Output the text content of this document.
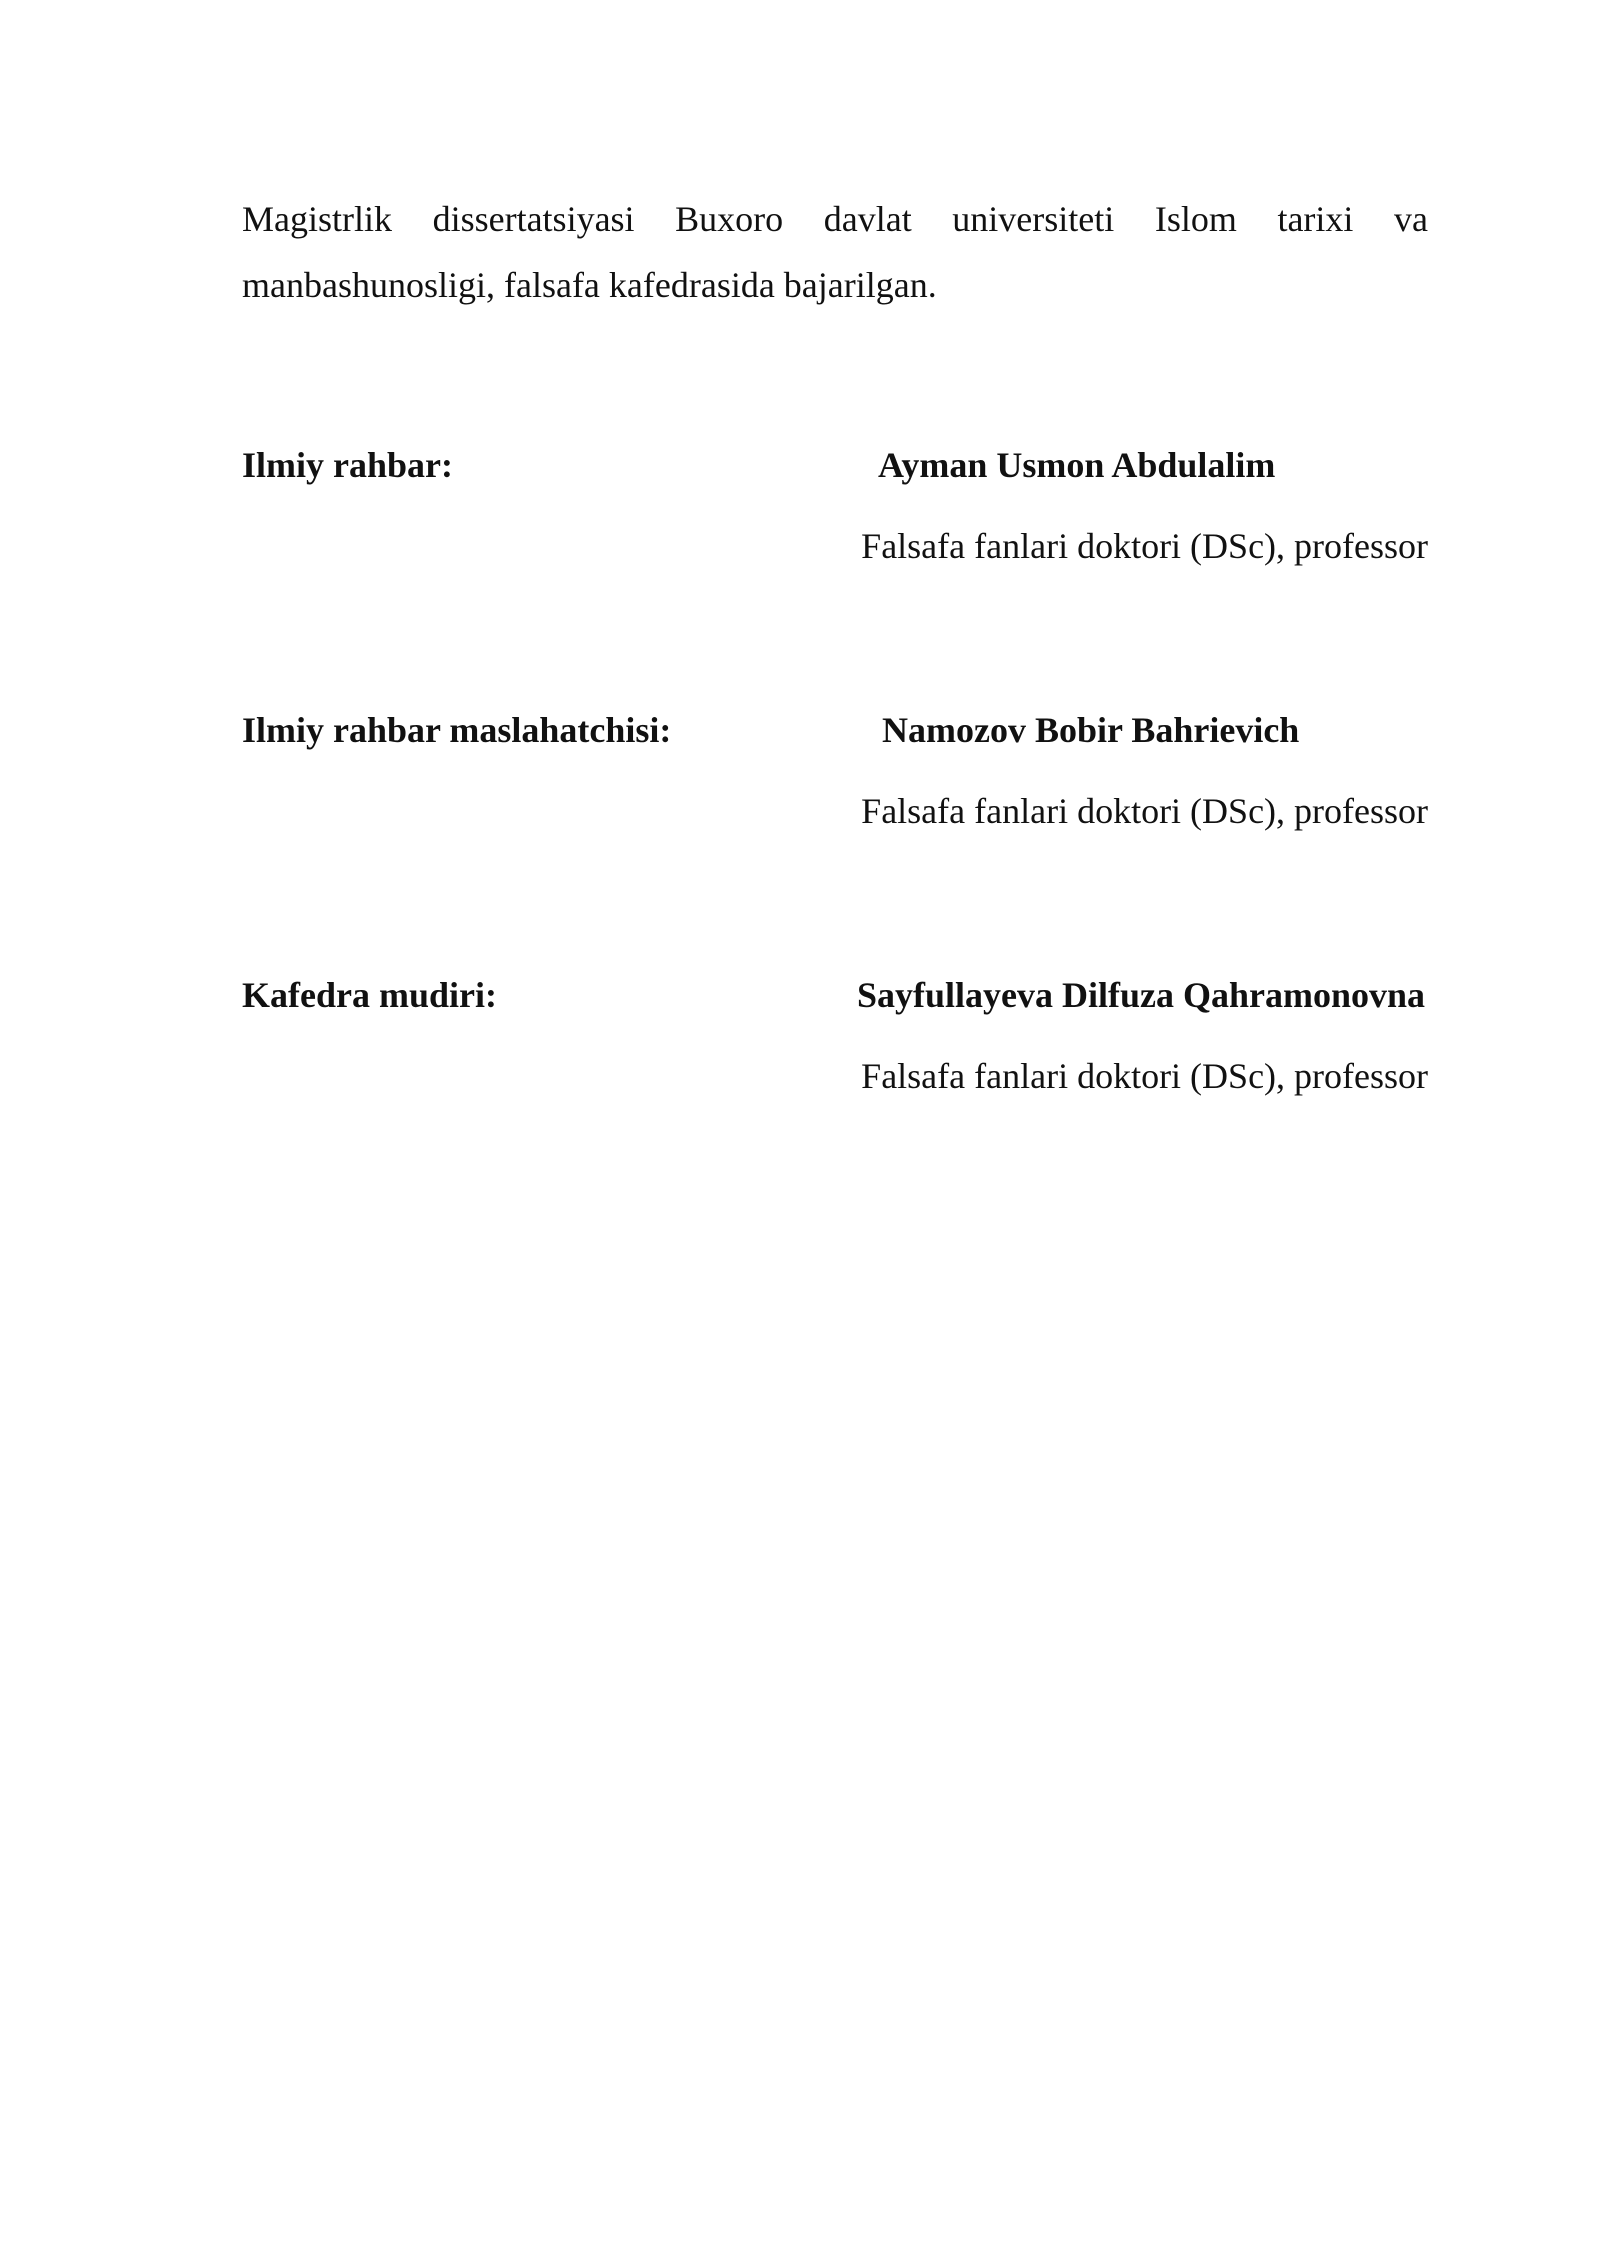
Magistrlik dissertatsiyasi Buxoro davlat universiteti Islom tarixi va manbashunosligi, falsafa kafedrasida bajarilgan.

Ilmiy rahbar:	Ayman Usmon Abdulalim
Falsafa fanlari doktori (DSc), professor
Ilmiy rahbar maslahatchisi:	Namozov Bobir Bahrievich
Falsafa fanlari doktori (DSc), professor
Kafedra mudiri:	Sayfullayeva Dilfuza Qahramonovna
Falsafa fanlari doktori (DSc), professor
